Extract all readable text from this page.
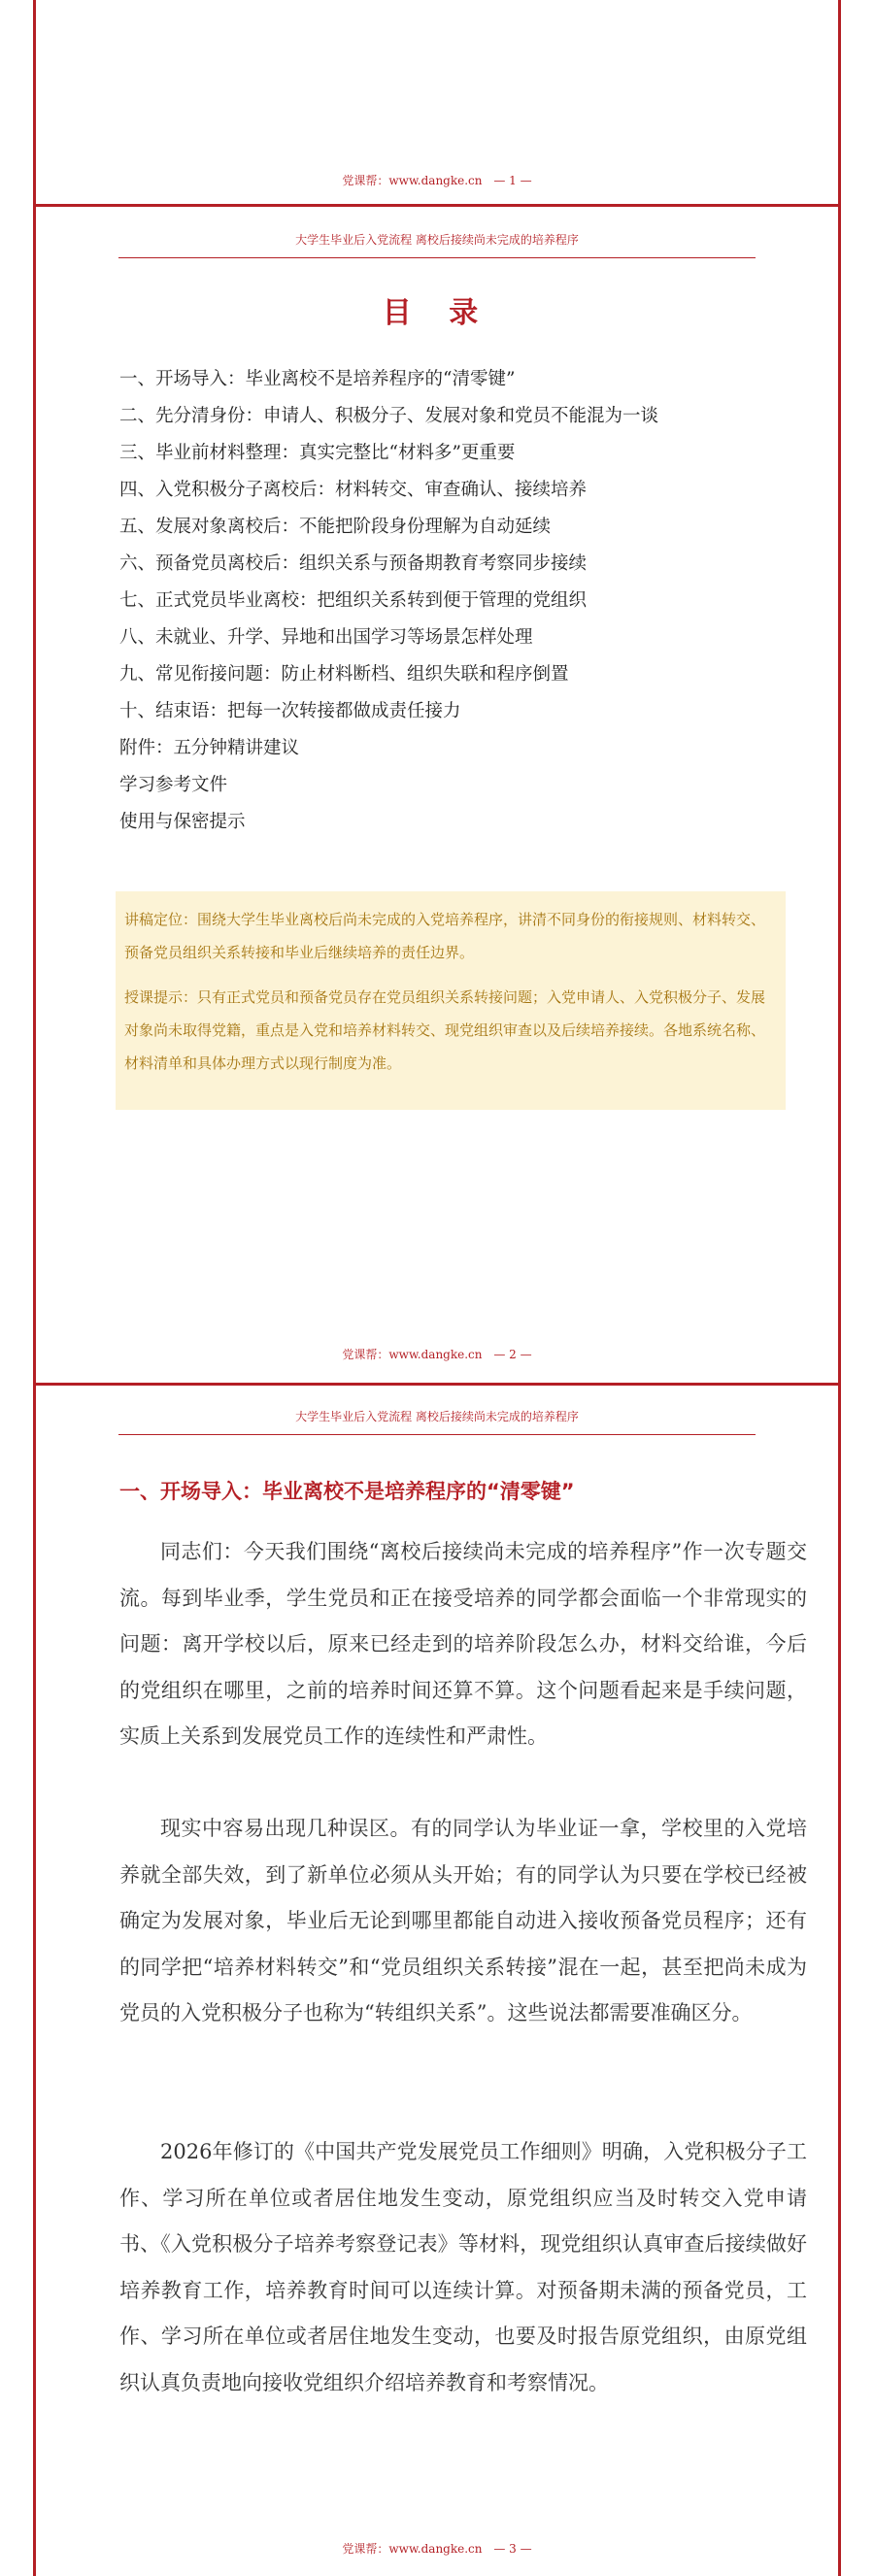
党课帮：www.dangke.cn — 1 —
大学生毕业后入党流程 离校后接续尚未完成的培养程序
目 录
一、开场导入：毕业离校不是培养程序的“清零键”
二、先分清身份：申请人、积极分子、发展对象和党员不能混为一谈
三、毕业前材料整理：真实完整比“材料多”更重要
四、入党积极分子离校后：材料转交、审查确认、接续培养
五、发展对象离校后：不能把阶段身份理解为自动延续
六、预备党员离校后：组织关系与预备期教育考察同步接续
七、正式党员毕业离校：把组织关系转到便于管理的党组织
八、未就业、升学、异地和出国学习等场景怎样处理
九、常见衔接问题：防止材料断档、组织失联和程序倒置
十、结束语：把每一次转接都做成责任接力
附件：五分钟精讲建议
学习参考文件
使用与保密提示

讲稿定位：围绕大学生毕业离校后尚未完成的入党培养程序，讲清不同身份的衔接规则、材料转交、预备党员组织关系转接和毕业后继续培养的责任边界。

授课提示：只有正式党员和预备党员存在党员组织关系转接问题；入党申请人、入党积极分子、发展对象尚未取得党籍，重点是入党和培养材料转交、现党组织审查以及后续培养接续。各地系统名称、材料清单和具体办理方式以现行制度为准。

党课帮：www.dangke.cn — 2 —
大学生毕业后入党流程 离校后接续尚未完成的培养程序
一、开场导入：毕业离校不是培养程序的“清零键”

同志们：今天我们围绕“离校后接续尚未完成的培养程序”作一次专题交流。每到毕业季，学生党员和正在接受培养的同学都会面临一个非常现实的问题：离开学校以后，原来已经走到的培养阶段怎么办，材料交给谁，今后的党组织在哪里，之前的培养时间还算不算。这个问题看起来是手续问题，实质上关系到发展党员工作的连续性和严肃性。

现实中容易出现几种误区。有的同学认为毕业证一拿，学校里的入党培养就全部失效，到了新单位必须从头开始；有的同学认为只要在学校已经被确定为发展对象，毕业后无论到哪里都能自动进入接收预备党员程序；还有的同学把“培养材料转交”和“党员组织关系转接”混在一起，甚至把尚未成为党员的入党积极分子也称为“转组织关系”。这些说法都需要准确区分。

2026年修订的《中国共产党发展党员工作细则》明确，入党积极分子工作、学习所在单位或者居住地发生变动，原党组织应当及时转交入党申请书、《入党积极分子培养考察登记表》等材料，现党组织认真审查后接续做好培养教育工作，培养教育时间可以连续计算。对预备期未满的预备党员，工作、学习所在单位或者居住地发生变动，也要及时报告原党组织，由原党组织认真负责地向接收党组织介绍培养教育和考察情况。

党课帮：www.dangke.cn — 3 —
